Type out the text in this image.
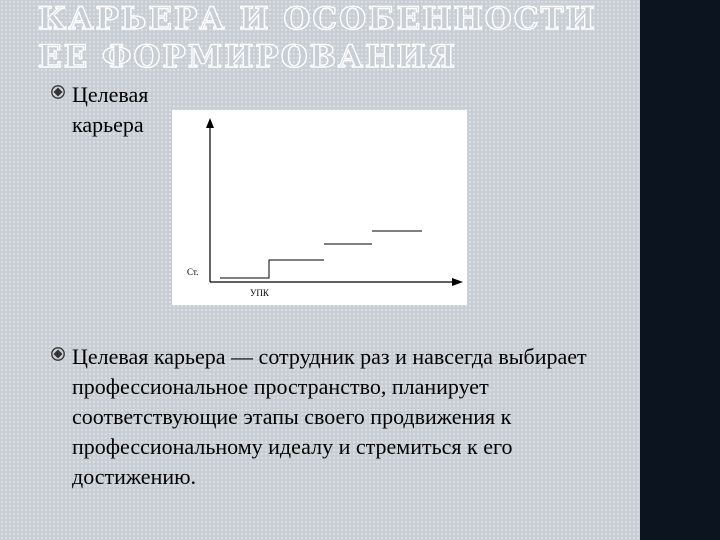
КАРЬЕРА И ОСОБЕННОСТИ ЕЕ ФОРМИРОВАНИЯ
Целевая карьера
Ст.
УПК
Целевая карьера — сотрудник раз и навсегда выбирает профессиональное пространство, планирует соответствующие этапы своего продвижения к профессиональному идеалу и стремиться к его достижению.
